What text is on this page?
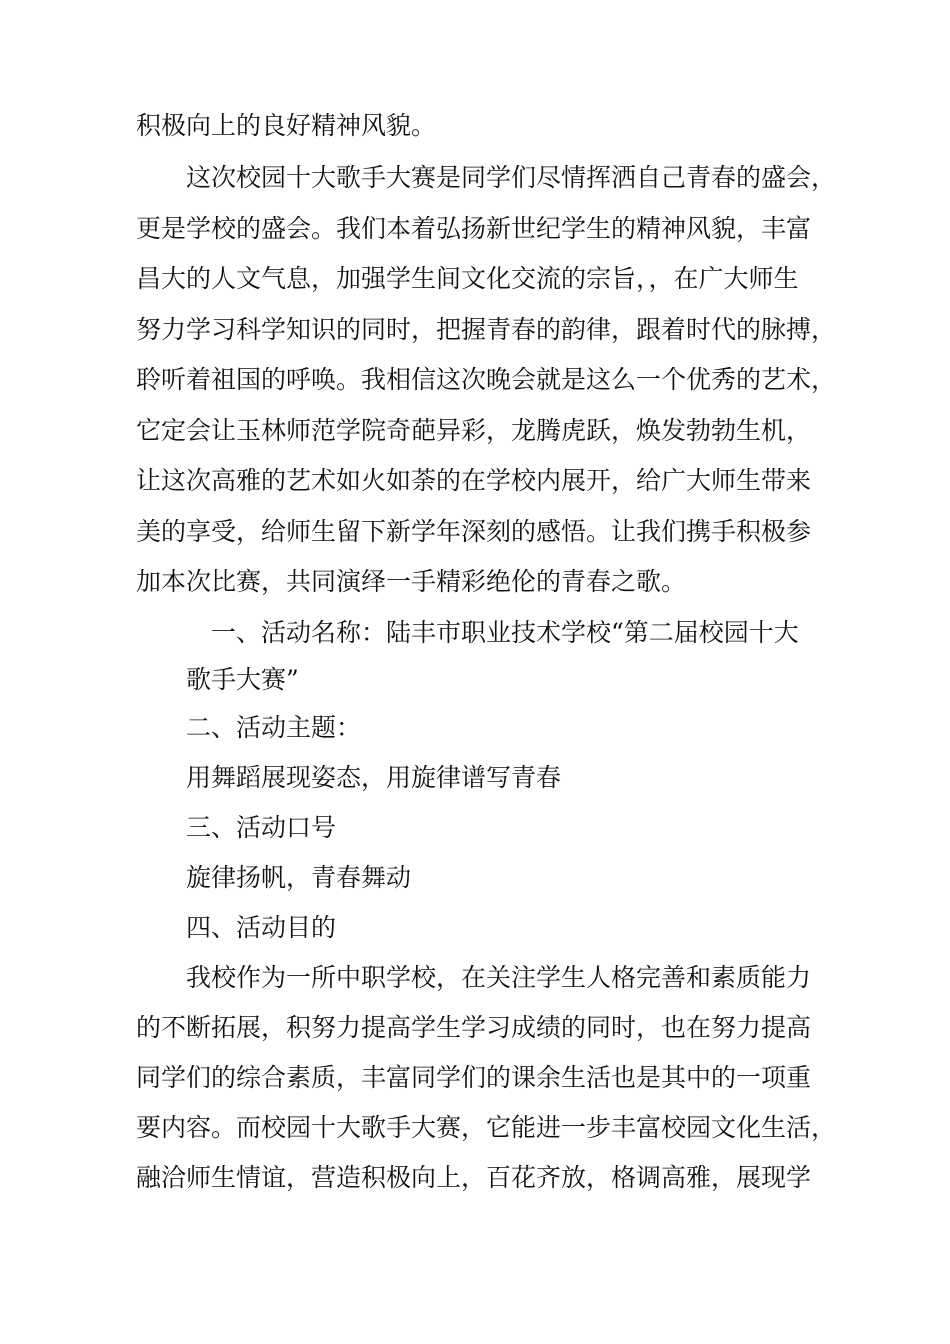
积极向上的良好精神风貌。

这次校园十大歌手大赛是同学们尽情挥洒自己青春的盛会，

更是学校的盛会。我们本着弘扬新世纪学生的精神风貌，丰富

昌大的人文气息，加强学生间文化交流的宗旨，，在广大师生

努力学习科学知识的同时，把握青春的韵律，跟着时代的脉搏，

聆听着祖国的呼唤。我相信这次晚会就是这么一个优秀的艺术，

它定会让玉林师范学院奇葩异彩，龙腾虎跃，焕发勃勃生机，

让这次高雅的艺术如火如荼的在学校内展开，给广大师生带来

美的享受，给师生留下新学年深刻的感悟。让我们携手积极参

加本次比赛，共同演绎一手精彩绝伦的青春之歌。

一、活动名称：陆丰市职业技术学校“第二届校园十大

歌手大赛”

二、活动主题：

用舞蹈展现姿态，用旋律谱写青春

三、活动口号

旋律扬帆，青春舞动

四、活动目的

我校作为一所中职学校，在关注学生人格完善和素质能力

的不断拓展，积努力提高学生学习成绩的同时，也在努力提高

同学们的综合素质，丰富同学们的课余生活也是其中的一项重

要内容。而校园十大歌手大赛，它能进一步丰富校园文化生活，

融洽师生情谊，营造积极向上，百花齐放，格调高雅，展现学
